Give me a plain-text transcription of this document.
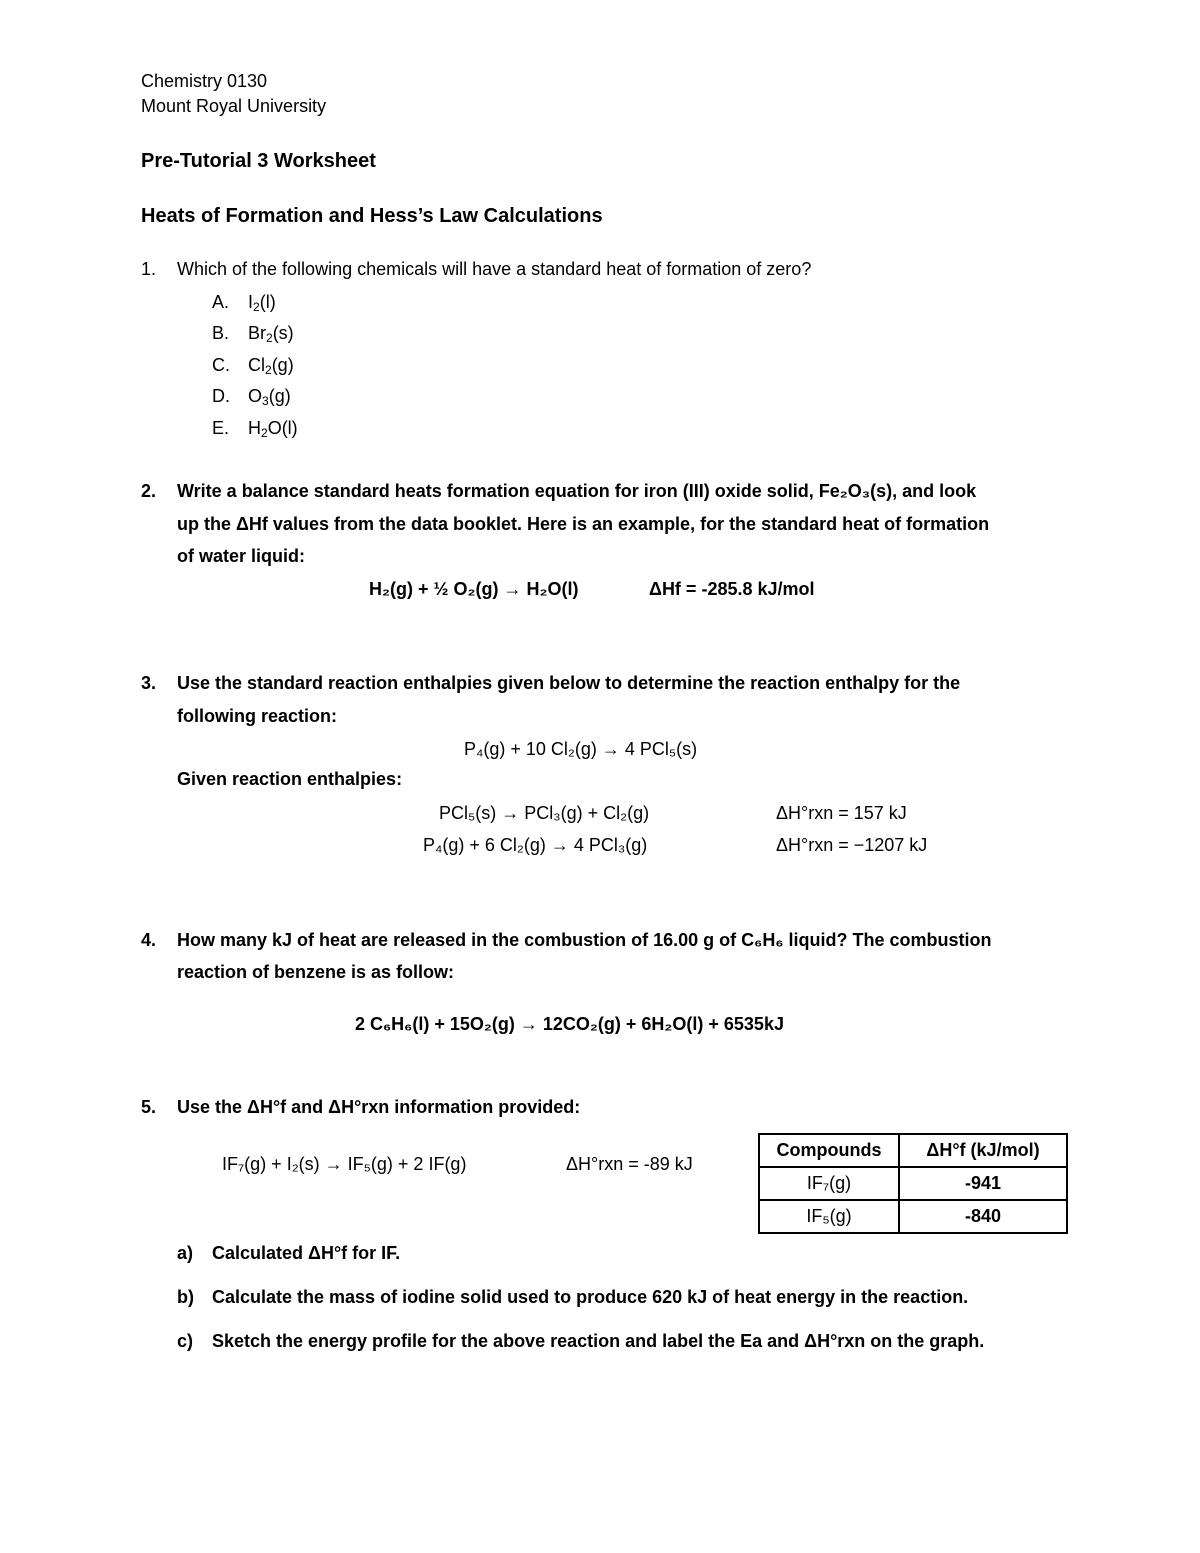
Chemistry 0130
Mount Royal University
Pre-Tutorial 3 Worksheet
Heats of Formation and Hess’s Law Calculations
1. Which of the following chemicals will have a standard heat of formation of zero?
A. $I_2(l)$
B. $Br_2(s)$
C. $Cl_2(g)$
D. $O_3(g)$
E. $H_2O(l)$
2. Write a balance standard heats formation equation for iron (III) oxide solid, Fe₂O₃(s), and look
up the ΔHf values from the data booklet. Here is an example, for the standard heat of formation
of water liquid:
H₂(g) + ½ O₂(g) → H₂O(l)	ΔHf = -285.8 kJ/mol
3. Use the standard reaction enthalpies given below to determine the reaction enthalpy for the
following reaction:
P₄(g) + 10 Cl₂(g) → 4 PCl₅(s)
Given reaction enthalpies:
PCl₅(s) → PCl₃(g) + Cl₂(g)	ΔH°rxn = 157 kJ
P₄(g) + 6 Cl₂(g) → 4 PCl₃(g)	ΔH°rxn = −1207 kJ
4. How many kJ of heat are released in the combustion of 16.00 g of C₆H₆ liquid? The combustion
reaction of benzene is as follow:
2 C₆H₆(l) + 15O₂(g) → 12CO₂(g) + 6H₂O(l) + 6535kJ
5. Use the ΔH°f and ΔH°rxn information provided:
IF₇(g) + I₂(s) → IF₅(g) + 2 IF(g)	ΔH°rxn = -89 kJ
Compounds	ΔH°f (kJ/mol)
IF₇(g)	-941
IF₅(g)	-840
a) Calculated ΔH°f for IF.
b) Calculate the mass of iodine solid used to produce 620 kJ of heat energy in the reaction.
c) Sketch the energy profile for the above reaction and label the Ea and ΔH°rxn on the graph.
